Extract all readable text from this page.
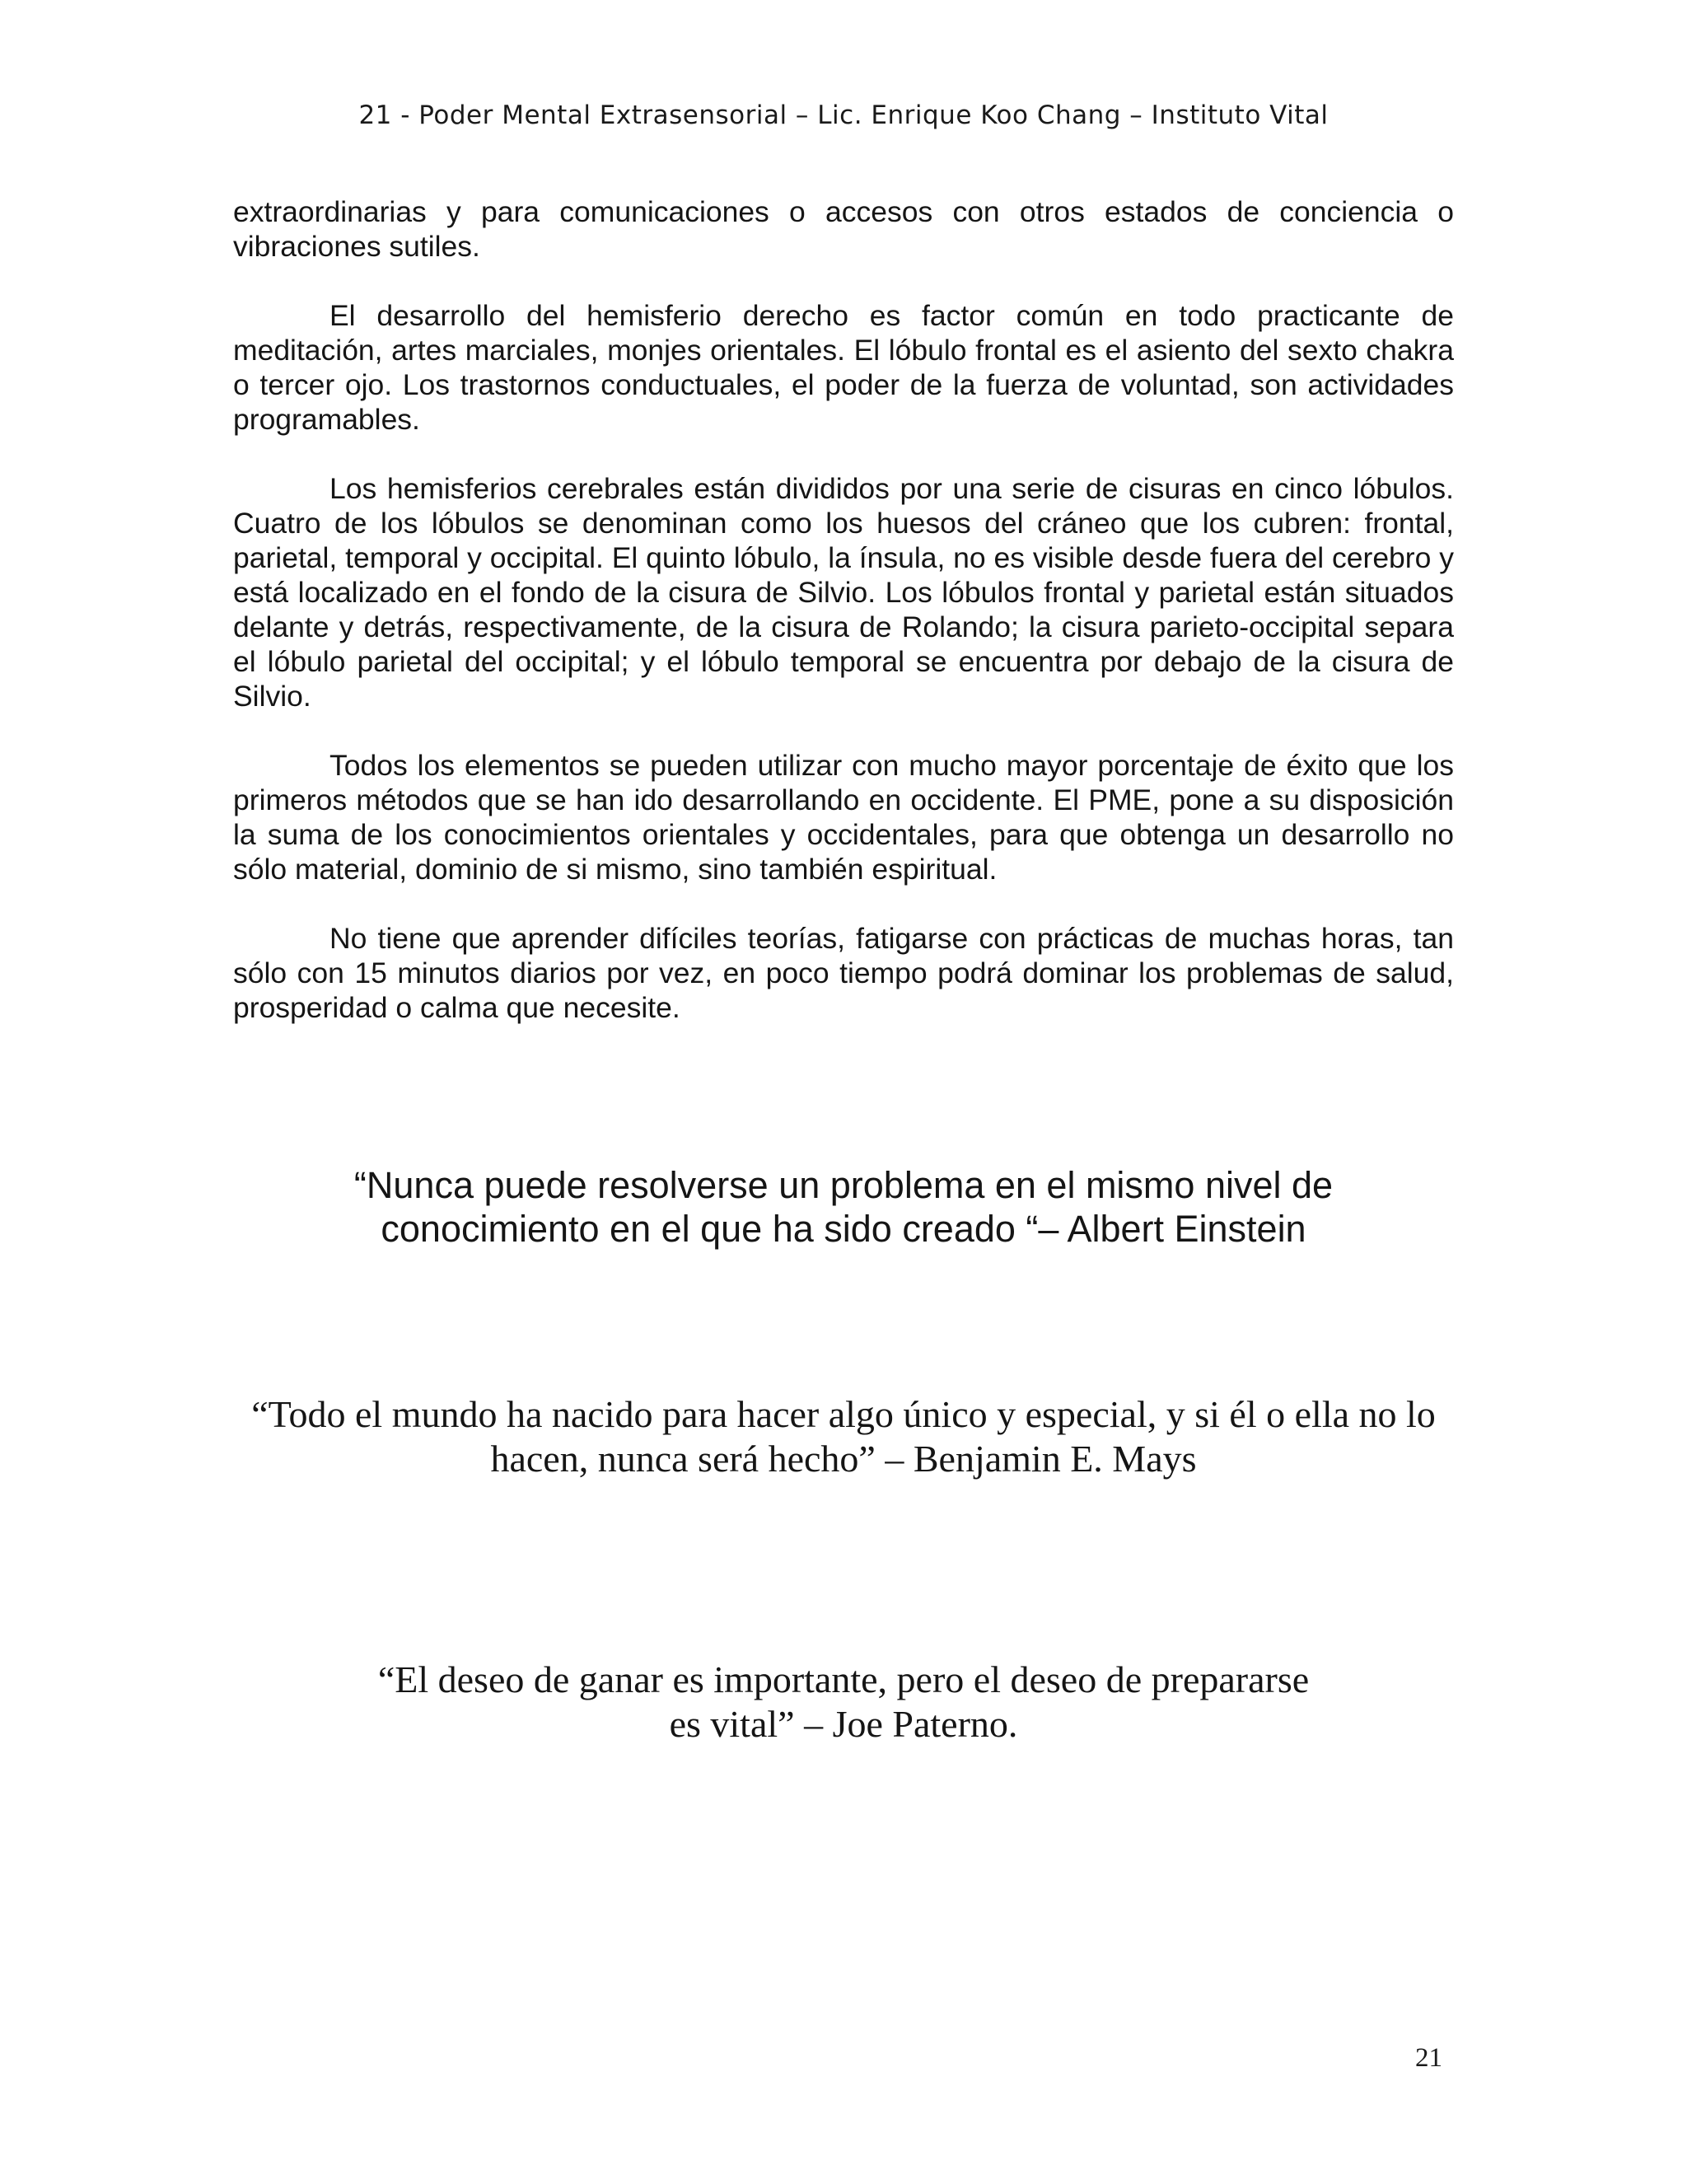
21 - Poder Mental Extrasensorial – Lic. Enrique Koo Chang – Instituto Vital

extraordinarias y para comunicaciones o accesos con otros estados de conciencia o vibraciones sutiles.

El desarrollo del hemisferio derecho es factor común en todo practicante de meditación, artes marciales, monjes orientales. El lóbulo frontal es el asiento del sexto chakra o tercer ojo. Los trastornos conductuales, el poder de la fuerza de voluntad, son actividades programables.

Los hemisferios cerebrales están divididos por una serie de cisuras en cinco lóbulos. Cuatro de los lóbulos se denominan como los huesos del cráneo que los cubren: frontal, parietal, temporal y occipital. El quinto lóbulo, la ínsula, no es visible desde fuera del cerebro y está localizado en el fondo de la cisura de Silvio. Los lóbulos frontal y parietal están situados delante y detrás, respectivamente, de la cisura de Rolando; la cisura parieto-occipital separa el lóbulo parietal del occipital; y el lóbulo temporal se encuentra por debajo de la cisura de Silvio.

Todos los elementos se pueden utilizar con mucho mayor porcentaje de éxito que los primeros métodos que se han ido desarrollando en occidente. El PME, pone a su disposición la suma de los conocimientos orientales y occidentales, para que obtenga un desarrollo no sólo material, dominio de si mismo, sino también espiritual.

No tiene que aprender difíciles teorías, fatigarse con prácticas de muchas horas, tan sólo con 15 minutos diarios por vez, en poco tiempo podrá dominar los problemas de salud, prosperidad o calma que necesite.

“Nunca puede resolverse un problema en el mismo nivel de
conocimiento en el que ha sido creado “– Albert Einstein
“Todo el mundo ha nacido para hacer algo único y especial, y si él o ella no lo
hacen, nunca será hecho” – Benjamin E. Mays
“El deseo de ganar es importante, pero el deseo de prepararse
es vital” – Joe Paterno.
21
